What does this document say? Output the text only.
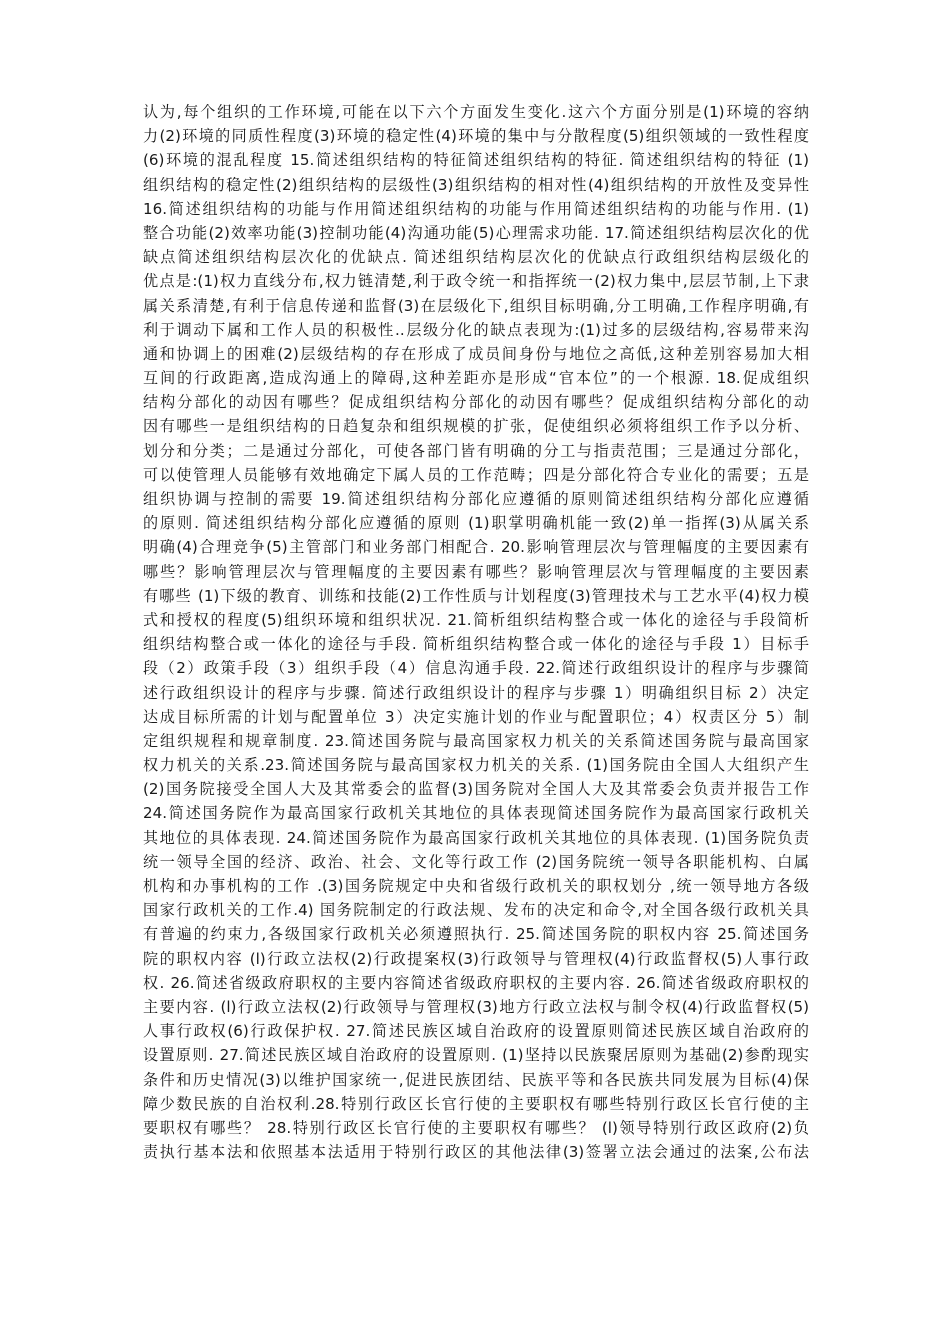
认为,每个组织的工作环境,可能在以下六个方面发生变化.这六个方面分别是(1)环境的容纳
力(2)环境的同质性程度(3)环境的稳定性(4)环境的集中与分散程度(5)组织领域的一致性程度
(6)环境的混乱程度 15.简述组织结构的特征简述组织结构的特征. 简述组织结构的特征 (1)
组织结构的稳定性(2)组织结构的层级性(3)组织结构的相对性(4)组织结构的开放性及变异性
16.简述组织结构的功能与作用简述组织结构的功能与作用简述组织结构的功能与作用. (1)
整合功能(2)效率功能(3)控制功能(4)沟通功能(5)心理需求功能. 17.简述组织结构层次化的优
缺点简述组织结构层次化的优缺点. 简述组织结构层次化的优缺点行政组织结构层级化的
优点是:(1)权力直线分布,权力链清楚,利于政令统一和指挥统一(2)权力集中,层层节制,上下隶
属关系清楚,有利于信息传递和监督(3)在层级化下,组织目标明确,分工明确,工作程序明确,有
利于调动下属和工作人员的积极性..层级分化的缺点表现为:(1)过多的层级结构,容易带来沟
通和协调上的困难(2)层级结构的存在形成了成员间身份与地位之高低,这种差别容易加大相
互间的行政距离,造成沟通上的障碍,这种差距亦是形成“官本位”的一个根源. 18.促成组织
结构分部化的动因有哪些？促成组织结构分部化的动因有哪些？促成组织结构分部化的动
因有哪些一是组织结构的日趋复杂和组织规模的扩张，促使组织必须将组织工作予以分析、
划分和分类；二是通过分部化，可使各部门皆有明确的分工与指责范围；三是通过分部化，
可以使管理人员能够有效地确定下属人员的工作范畴；四是分部化符合专业化的需要；五是
组织协调与控制的需要 19.简述组织结构分部化应遵循的原则简述组织结构分部化应遵循
的原则. 简述组织结构分部化应遵循的原则 (1)职掌明确机能一致(2)单一指挥(3)从属关系
明确(4)合理竞争(5)主管部门和业务部门相配合. 20.影响管理层次与管理幅度的主要因素有
哪些？影响管理层次与管理幅度的主要因素有哪些？影响管理层次与管理幅度的主要因素
有哪些 (1)下级的教育、训练和技能(2)工作性质与计划程度(3)管理技术与工艺水平(4)权力模
式和授权的程度(5)组织环境和组织状况. 21.简析组织结构整合或一体化的途径与手段简析
组织结构整合或一体化的途径与手段. 简析组织结构整合或一体化的途径与手段 1）目标手
段（2）政策手段（3）组织手段（4）信息沟通手段. 22.简述行政组织设计的程序与步骤简
述行政组织设计的程序与步骤. 简述行政组织设计的程序与步骤 1）明确组织目标 2）决定
达成目标所需的计划与配置单位 3）决定实施计划的作业与配置职位；4）权责区分 5）制
定组织规程和规章制度. 23.简述国务院与最高国家权力机关的关系简述国务院与最高国家
权力机关的关系.23.简述国务院与最高国家权力机关的关系. (1)国务院由全国人大组织产生
(2)国务院接受全国人大及其常委会的监督(3)国务院对全国人大及其常委会负责并报告工作
24.简述国务院作为最高国家行政机关其地位的具体表现简述国务院作为最高国家行政机关
其地位的具体表现. 24.简述国务院作为最高国家行政机关其地位的具体表现. (1)国务院负责
统一领导全国的经济、政治、社会、文化等行政工作 (2)国务院统一领导各职能机构、白属
机构和办事机构的工作 .(3)国务院规定中央和省级行政机关的职权划分 ,统一领导地方各级
国家行政机关的工作.4) 国务院制定的行政法规、发布的决定和命令,对全国各级行政机关具
有普遍的约束力,各级国家行政机关必须遵照执行. 25.简述国务院的职权内容 25.简述国务
院的职权内容 (l)行政立法权(2)行政提案权(3)行政领导与管理权(4)行政监督权(5)人事行政
权. 26.简述省级政府职权的主要内容简述省级政府职权的主要内容. 26.简述省级政府职权的
主要内容. (l)行政立法权(2)行政领导与管理权(3)地方行政立法权与制令权(4)行政监督权(5)
人事行政权(6)行政保护权. 27.简述民族区域自治政府的设置原则简述民族区域自治政府的
设置原则. 27.简述民族区域自治政府的设置原则. (1)坚持以民族聚居原则为基础(2)参酌现实
条件和历史情况(3)以维护国家统一,促进民族团结、民族平等和各民族共同发展为目标(4)保
障少数民族的自治权利.28.特别行政区长官行使的主要职权有哪些特别行政区长官行使的主
要职权有哪些？ 28.特别行政区长官行使的主要职权有哪些？ (l)领导特别行政区政府(2)负
责执行基本法和依照基本法适用于特别行政区的其他法律(3)签署立法会通过的法案,公布法
